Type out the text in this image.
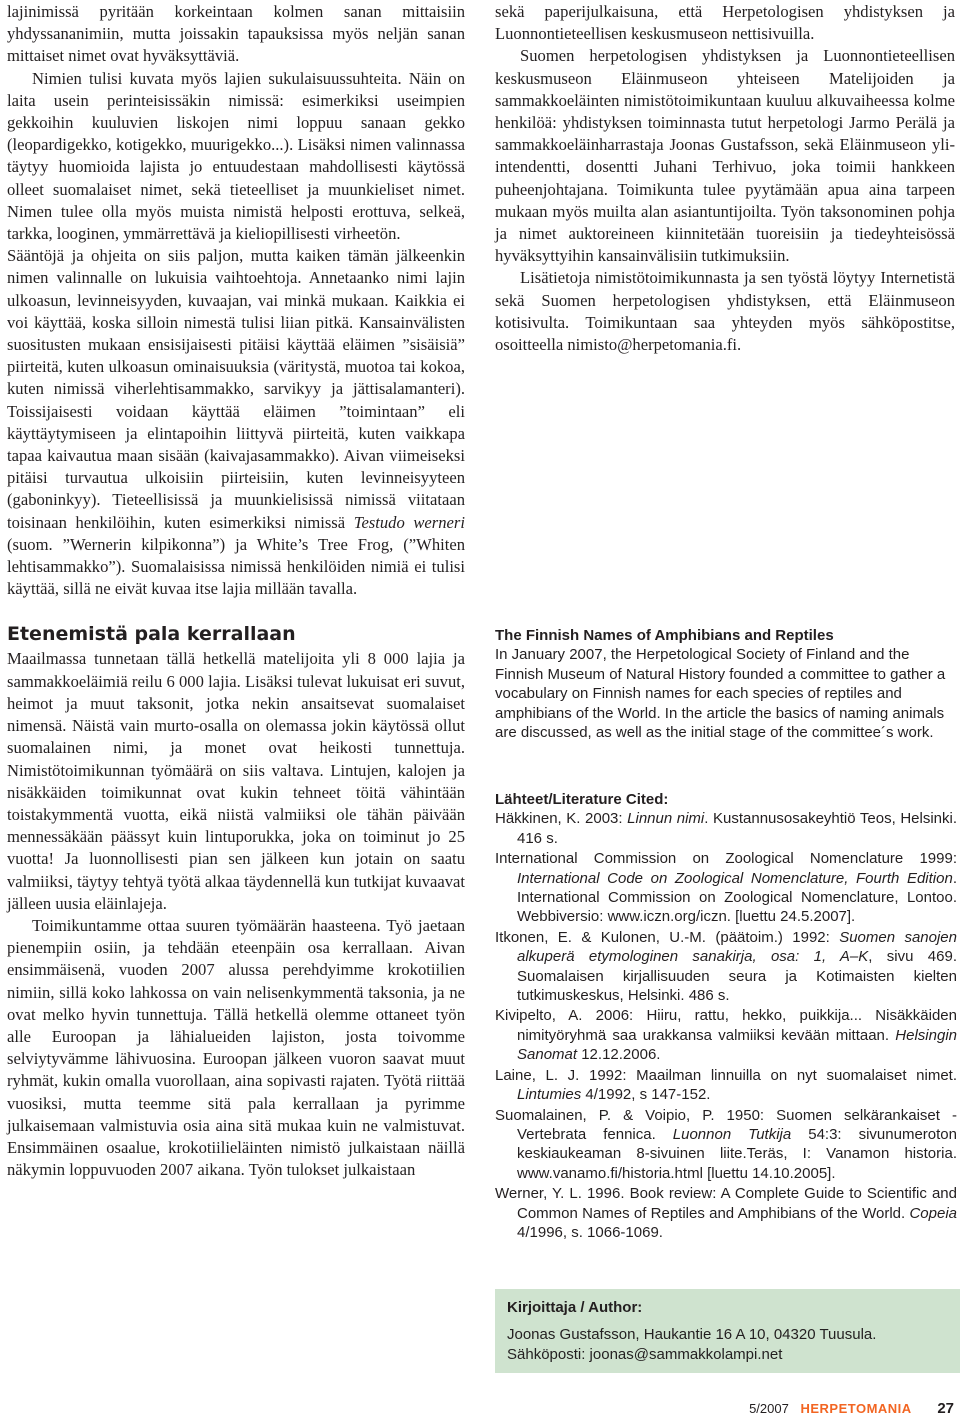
lajinimissä pyritään korkeintaan kolmen sanan mittaisiin yhdyssananimiin, mutta joissakin tapauksissa myös neljän sanan mittaiset nimet ovat hyväksyttäviä.

Nimien tulisi kuvata myös lajien sukulaisuussuhteita. Näin on laita usein perinteisissäkin nimissä: esimerkiksi useimpien gekkoihin kuuluvien liskojen nimi loppuu sanaan gekko (leopardigekko, kotigekko, muurigekko...). Lisäksi nimen valinnassa täytyy huomioida lajista jo entuudestaan mahdollisesti käytössä olleet suomalaiset nimet, sekä tieteelliset ja muunkieliset nimet. Nimen tulee olla myös muista nimistä helposti erottuva, selkeä, tarkka, looginen, ymmärrettävä ja kieliopillisesti virheetön.

Sääntöjä ja ohjeita on siis paljon, mutta kaiken tämän jälkeenkin nimen valinnalle on lukuisia vaihtoehtoja. Annetaanko nimi lajin ulkoasun, levinneisyyden, kuvaajan, vai minkä mukaan. Kaikkia ei voi käyttää, koska silloin nimestä tulisi liian pitkä. Kansainvälisten suositusten mukaan ensisijaisesti pitäisi käyttää eläimen ”sisäisiä” piirteitä, kuten ulkoasun ominaisuuksia (väritystä, muotoa tai kokoa, kuten nimissä viherlehtisammakko, sarvikyy ja jättisalamanteri). Toissijaisesti voidaan käyttää eläimen ”toimintaan” eli käyttäytymiseen ja elintapoihin liittyvä piirteitä, kuten vaikkapa tapaa kaivautua maan sisään (kaivajasammakko). Aivan viimeiseksi pitäisi turvautua ulkoisiin piirteisiin, kuten levinneisyyteen (gaboninkyy). Tieteellisissä ja muunkielisissä nimissä viitataan toisinaan henkilöihin, kuten esimerkiksi nimissä Testudo werneri (suom. ”Wernerin kilpikonna”) ja White’s Tree Frog, (”Whiten lehtisammakko”). Suomalaisissa nimissä henkilöiden nimiä ei tulisi käyttää, sillä ne eivät kuvaa itse lajia millään tavalla.

Etenemistä pala kerrallaan

Maailmassa tunnetaan tällä hetkellä matelijoita yli 8 000 lajia ja sammakkoeläimiä reilu 6 000 lajia. Lisäksi tulevat lukuisat eri suvut, heimot ja muut taksonit, jotka nekin ansaitsevat suomalaiset nimensä. Näistä vain murto-osalla on olemassa jokin käytössä ollut suomalainen nimi, ja monet ovat heikosti tunnettuja. Nimistötoimikunnan työmäärä on siis valtava. Lintujen, kalojen ja nisäkkäiden toimikunnat ovat kukin tehneet töitä vähintään toistakymmentä vuotta, eikä niistä valmiiksi ole tähän päivään mennessäkään päässyt kuin lintuporukka, joka on toiminut jo 25 vuotta! Ja luonnollisesti pian sen jälkeen kun jotain on saatu valmiiksi, täytyy tehtyä työtä alkaa täydennellä kun tutkijat kuvaavat jälleen uusia eläinlajeja.

Toimikuntamme ottaa suuren työmäärän haasteena. Työ jaetaan pienempiin osiin, ja tehdään eteenpäin osa kerrallaan. Aivan ensimmäisenä, vuoden 2007 alussa perehdyimme krokotiilien nimiin, sillä koko lahkossa on vain nelisenkymmentä taksonia, ja ne ovat melko hyvin tunnettuja. Tällä hetkellä olemme ottaneet työn alle Euroopan ja lähialueiden lajiston, josta toivomme selviytyvämme lähivuosina. Euroopan jälkeen vuoron saavat muut ryhmät, kukin omalla vuorollaan, aina sopivasti rajaten. Työtä riittää vuosiksi, mutta teemme sitä pala kerrallaan ja pyrimme julkaisemaan valmistuvia osia aina sitä mukaa kuin ne valmistuvat. Ensimmäinen osaalue, krokotiilieläinten nimistö julkaistaan näillä näkymin loppuvuoden 2007 aikana. Työn tulokset julkaistaan

sekä paperijulkaisuna, että Herpetologisen yhdistyksen ja Luonnontieteellisen keskusmuseon nettisivuilla.

Suomen herpetologisen yhdistyksen ja Luonnontieteellisen keskusmuseon Eläinmuseon yhteiseen Matelijoiden ja sammakkoeläinten nimistötoimikuntaan kuuluu alkuvaiheessa kolme henkilöä: yhdistyksen toiminnasta tutut herpetologi Jarmo Perälä ja sammakkoeläinharrastaja Joonas Gustafsson, sekä Eläinmuseon yli-intendentti, dosentti Juhani Terhivuo, joka toimii hankkeen puheenjohtajana. Toimikunta tulee pyytämään apua aina tarpeen mukaan myös muilta alan asiantuntijoilta. Työn taksonominen pohja ja nimet auktoreineen kiinnitetään tuoreisiin ja tiedeyhteisössä hyväksyttyihin kansainvälisiin tutkimuksiin.

Lisätietoja nimistötoimikunnasta ja sen työstä löytyy Internetistä sekä Suomen herpetologisen yhdistyksen, että Eläinmuseon kotisivulta. Toimikuntaan saa yhteyden myös sähköpostitse, osoitteella nimisto@herpetomania.fi.

The Finnish Names of Amphibians and Reptiles

In January 2007, the Herpetological Society of Finland and the Finnish Museum of Natural History founded a committee to gather a vocabulary on Finnish names for each species of reptiles and amphibians of the World. In the article the basics of naming animals are discussed, as well as the initial stage of the committee´s work.

Lähteet/Literature Cited:
Häkkinen, K. 2003: Linnun nimi. Kustannusosakeyhtiö Teos, Helsinki. 416 s.
International Commission on Zoological Nomenclature 1999: International Code on Zoological Nomenclature, Fourth Edition. International Commission on Zoological Nomenclature, Lontoo. Webbiversio: www.iczn.org/iczn. [luettu 24.5.2007].
Itkonen, E. & Kulonen, U.-M. (päätoim.) 1992: Suomen sanojen alkuperä etymologinen sanakirja, osa: 1, A–K, sivu 469. Suomalaisen kirjallisuuden seura ja Kotimaisten kielten tutkimuskeskus, Helsinki. 486 s.
Kivipelto, A. 2006: Hiiru, rattu, hekko, puikkija... Nisäkkäiden nimityöryhmä saa urakkansa valmiiksi kevään mittaan. Helsingin Sanomat 12.12.2006.
Laine, L. J. 1992: Maailman linnuilla on nyt suomalaiset nimet. Lintumies 4/1992, s 147-152.
Suomalainen, P. & Voipio, P. 1950: Suomen selkärankaiset - Vertebrata fennica. Luonnon Tutkija 54:3: sivunumeroton keskiaukeaman 8-sivuinen liite.Teräs, I: Vanamon historia. www.vanamo.fi/historia.html [luettu 14.10.2005].
Werner, Y. L. 1996. Book review: A Complete Guide to Scientific and Common Names of Reptiles and Amphibians of the World. Copeia 4/1996, s. 1066-1069.
Kirjoittaja / Author:
Joonas Gustafsson, Haukantie 16 A 10, 04320 Tuusula.
Sähköposti: joonas@sammakkolampi.net
5/2007 HERPETOMANIA 27
